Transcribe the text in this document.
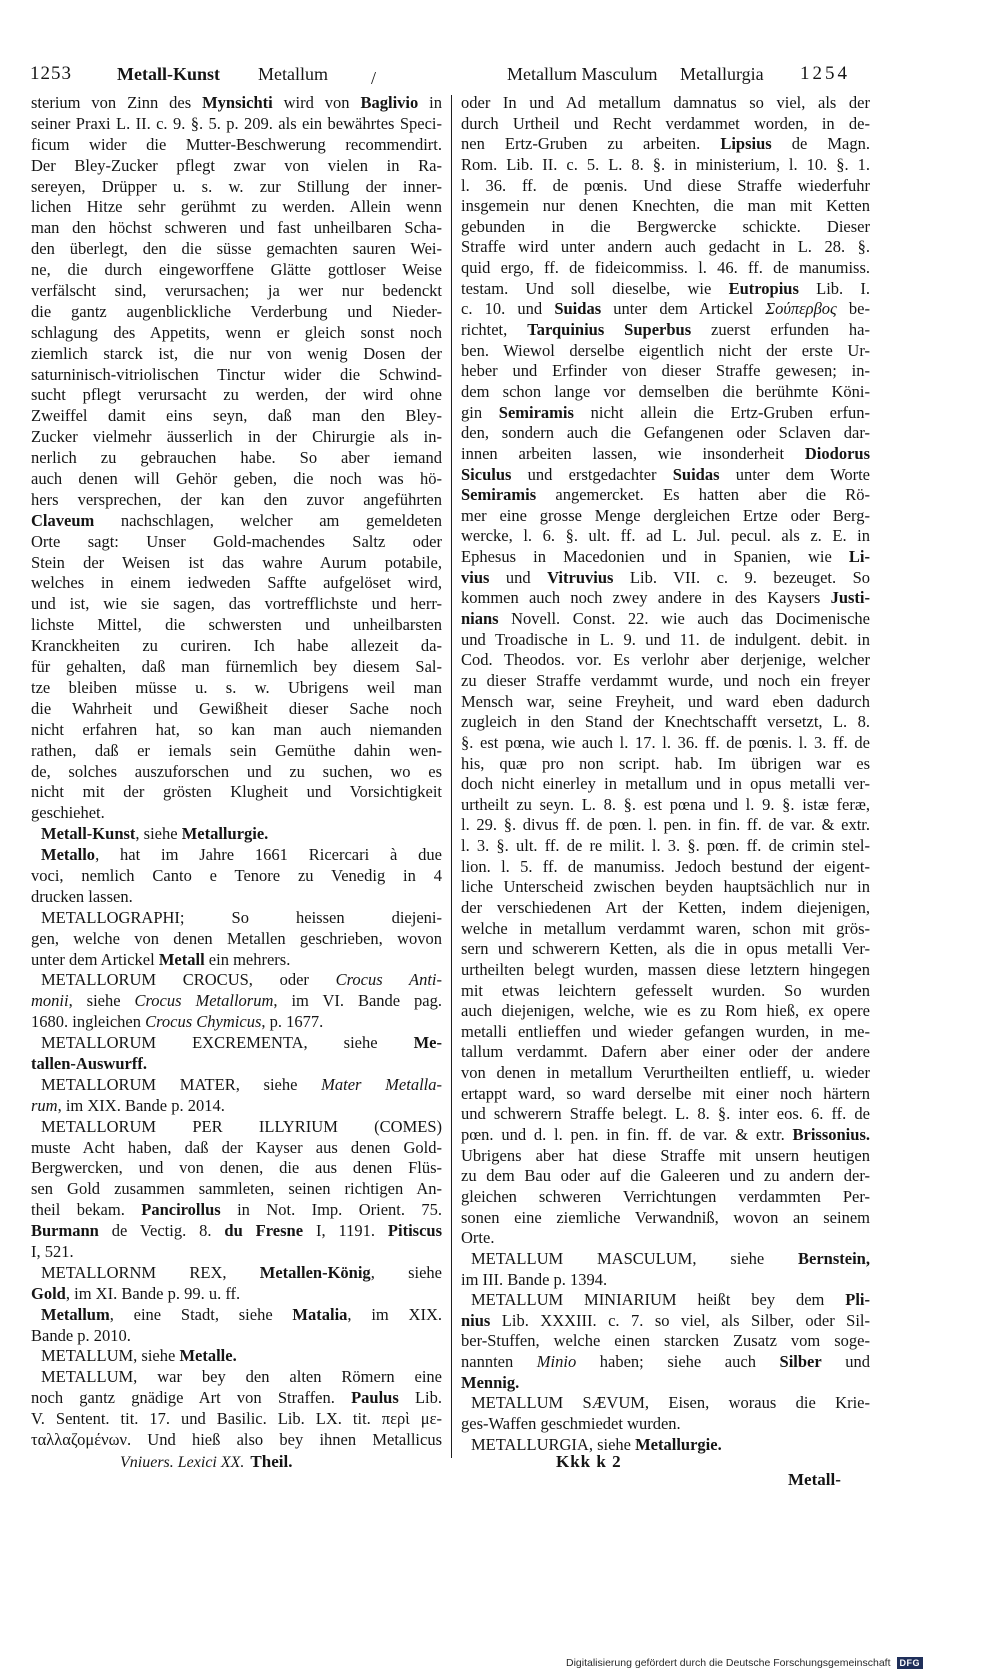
1253	Metall-Kunst Metallum /	Metallum Masculum Metallurgia 1254
sterium von Zinn des Mynsichti wird von Baglivio in
seiner Praxi L. II. c. 9. §. 5. p. 209. als ein bewährtes Speci-
ficum wider die Mutter-Beschwerung recommendirt.
Der Bley-Zucker pflegt zwar von vielen in Ra-
sereyen, Drüpper u. s. w. zur Stillung der inner-
lichen Hitze sehr gerühmt zu werden. Allein wenn
man den höchst schweren und fast unheilbaren Scha-
den überlegt, den die süsse gemachten sauren Wei-
ne, die durch eingeworffene Glätte gottloser Weise
verfälscht sind, verursachen; ja wer nur bedenckt
die gantz augenblickliche Verderbung und Nieder-
schlagung des Appetits, wenn er gleich sonst noch
ziemlich starck ist, die nur von wenig Dosen der
saturninisch-vitriolischen Tinctur wider die Schwind-
sucht pflegt verursacht zu werden, der wird ohne
Zweiffel damit eins seyn, daß man den Bley-
Zucker vielmehr äusserlich in der Chirurgie als in-
nerlich zu gebrauchen habe. So aber iemand
auch denen will Gehör geben, die noch was hö-
hers versprechen, der kan den zuvor angeführten
Claveum nachschlagen, welcher am gemeldeten
Orte sagt: Unser Gold-machendes Saltz oder
Stein der Weisen ist das wahre Aurum potabile,
welches in einem iedweden Saffte aufgelöset wird,
und ist, wie sie sagen, das vortrefflichste und herr-
lichste Mittel, die schwersten und unheilbarsten
Kranckheiten zu curiren. Ich habe allezeit da-
für gehalten, daß man fürnemlich bey diesem Sal-
tze bleiben müsse u. s. w. Ubrigens weil man
die Wahrheit und Gewißheit dieser Sache noch
nicht erfahren hat, so kan man auch niemanden
rathen, daß er iemals sein Gemüthe dahin wen-
de, solches auszuforschen und zu suchen, wo es
nicht mit der grösten Klugheit und Vorsichtigkeit
geschiehet.
Metall-Kunst, siehe Metallurgie.
Metallo, hat im Jahre 1661 Ricercari à due
voci, nemlich Canto e Tenore zu Venedig in 4
drucken lassen.
METALLOGRAPHI; So heissen diejeni-
gen, welche von denen Metallen geschrieben, wovon
unter dem Artickel Metall ein mehrers.
METALLORUM CROCUS, oder Crocus Anti-
monii, siehe Crocus Metallorum, im VI. Bande pag.
1680. ingleichen Crocus Chymicus, p. 1677.
METALLORUM EXCREMENTA, siehe Me-
tallen-Auswurff.
METALLORUM MATER, siehe Mater Metalla-
rum, im XIX. Bande p. 2014.
METALLORUM PER ILLYRIUM (COMES)
muste Acht haben, daß der Kayser aus denen Gold-
Bergwercken, und von denen, die aus denen Flüs-
sen Gold zusammen sammleten, seinen richtigen An-
theil bekam. Pancirollus in Not. Imp. Orient. 75.
Burmann de Vectig. 8. du Fresne I, 1191. Pitiscus
I, 521.
METALLORNM REX, Metallen-König, siehe
Gold, im XI. Bande p. 99. u. ff.
Metallum, eine Stadt, siehe Matalia, im XIX.
Bande p. 2010.
METALLUM, siehe Metalle.
METALLUM, war bey den alten Römern eine
noch gantz gnädige Art von Straffen. Paulus Lib.
V. Sentent. tit. 17. und Basilic. Lib. LX. tit. περὶ με-
ταλλαζομένων. Und hieß also bey ihnen Metallicus
oder In und Ad metallum damnatus so viel, als der
durch Urtheil und Recht verdammet worden, in de-
nen Ertz-Gruben zu arbeiten. Lipsius de Magn.
Rom. Lib. II. c. 5. L. 8. §. in ministerium, l. 10. §. 1.
l. 36. ff. de pœnis. Und diese Straffe wiederfuhr
insgemein nur denen Knechten, die man mit Ketten
gebunden in die Bergwercke schickte. Dieser
Straffe wird unter andern auch gedacht in L. 28. §.
quid ergo, ff. de fideicommiss. l. 46. ff. de manumiss.
testam. Und soll dieselbe, wie Eutropius Lib. I.
c. 10. und Suidas unter dem Artickel Σούπερβος be-
richtet, Tarquinius Superbus zuerst erfunden ha-
ben. Wiewol derselbe eigentlich nicht der erste Ur-
heber und Erfinder von dieser Straffe gewesen; in-
dem schon lange vor demselben die berühmte Köni-
gin Semiramis nicht allein die Ertz-Gruben erfun-
den, sondern auch die Gefangenen oder Sclaven dar-
innen arbeiten lassen, wie insonderheit Diodorus
Siculus und erstgedachter Suidas unter dem Worte
Semiramis angemercket. Es hatten aber die Rö-
mer eine grosse Menge dergleichen Ertze oder Berg-
wercke, l. 6. §. ult. ff. ad L. Jul. pecul. als z. E. in
Ephesus in Macedonien und in Spanien, wie Li-
vius und Vitruvius Lib. VII. c. 9. bezeuget. So
kommen auch noch zwey andere in des Kaysers Justi-
nians Novell. Const. 22. wie auch das Docimenische
und Troadische in L. 9. und 11. de indulgent. debit. in
Cod. Theodos. vor. Es verlohr aber derjenige, welcher
zu dieser Straffe verdammt wurde, und noch ein freyer
Mensch war, seine Freyheit, und ward eben dadurch
zugleich in den Stand der Knechtschafft versetzt, L. 8.
§. est pœna, wie auch l. 17. l. 36. ff. de pœnis. l. 3. ff. de
his, quæ pro non script. hab. Im übrigen war es
doch nicht einerley in metallum und in opus metalli ver-
urtheilt zu seyn. L. 8. §. est pœna und l. 9. §. istæ feræ,
l. 29. §. divus ff. de pœn. l. pen. in fin. ff. de var. & extr.
l. 3. §. ult. ff. de re milit. l. 3. §. pœn. ff. de crimin stel-
lion. l. 5. ff. de manumiss. Jedoch bestund der eigent-
liche Unterscheid zwischen beyden hauptsächlich nur in
der verschiedenen Art der Ketten, indem diejenigen,
welche in metallum verdammt waren, schon mit grös-
sern und schwerern Ketten, als die in opus metalli Ver-
urtheilten belegt wurden, massen diese letztern hingegen
mit etwas leichtern gefesselt wurden. So wurden
auch diejenigen, welche, wie es zu Rom hieß, ex opere
metalli entlieffen und wieder gefangen wurden, in me-
tallum verdammt. Dafern aber einer oder der andere
von denen in metallum Verurtheilten entlieff, u. wieder
ertappt ward, so ward derselbe mit einer noch härtern
und schwerern Straffe belegt. L. 8. §. inter eos. 6. ff. de
pœn. und d. l. pen. in fin. ff. de var. & extr. Brissonius.
Ubrigens aber hat diese Straffe mit unsern heutigen
zu dem Bau oder auf die Galeeren und zu andern der-
gleichen schweren Verrichtungen verdammten Per-
sonen eine ziemliche Verwandniß, wovon an seinem
Orte.
METALLUM MASCULUM, siehe Bernstein,
im III. Bande p. 1394.
METALLUM MINIARIUM heißt bey dem Pli-
nius Lib. XXXIII. c. 7. so viel, als Silber, oder Sil-
ber-Stuffen, welche einen starcken Zusatz vom soge-
nannten Minio haben; siehe auch Silber und
Mennig.
METALLUM SÆVUM, Eisen, woraus die Krie-
ges-Waffen geschmiedet wurden.
METALLURGIA, siehe Metallurgie.
Vniuers. Lexici XX. Theil.	Kkk k 2
Metall-
Digitalisierung gefördert durch die Deutsche Forschungsgemeinschaft	DFG
